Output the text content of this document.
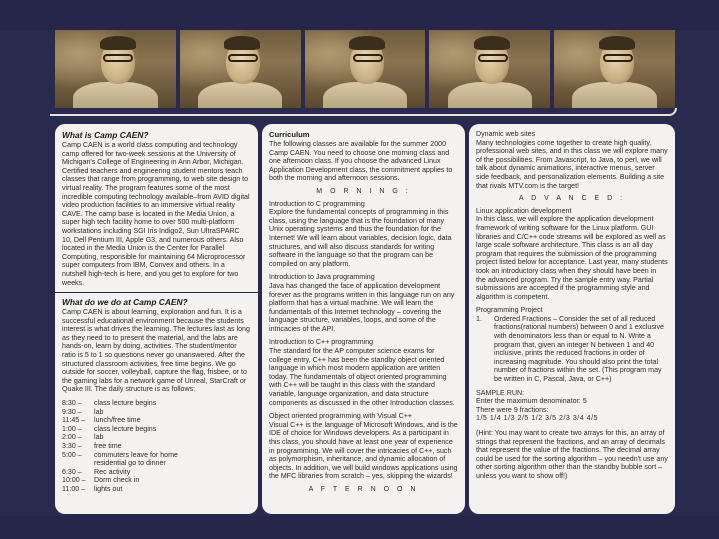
What is Camp CAEN?

Camp CAEN is a world class computing and technology camp offered for two-week sessions at the University of Michigan's College of Engineering in Ann Arbor, Michigan. Certified teachers and engineering student mentors teach classes that range from programming, to web site design to virtual reality. The program features some of the most incredible computing technology available–from AVID digital video production facilities to an immersive virtual reality CAVE. The camp base is located in the Media Union, a super high tech facility home to over 500 multi-platform workstations including SGI Iris Indigo2, Sun UltraSPARC 10, Dell Pentium III, Apple G3, and numerous others. Also located in the Media Union is the Center for Parallel Computing, responsible for maintaining 64 Microprocessor super computers from IBM, Convex and others. In a nutshell high-tech is here, and you get to explore for two weeks.

What do we do at Camp CAEN?

Camp CAEN is about learning, exploration and fun. It is a successful educational environment because the students interest is what drives the learning. The lectures last as long as they need to to present the material, and the labs are hands-on, learn by doing, activities. The student/mentor ratio is 5 to 1 so questions never go unanswered. After the structured classroom activities, free time begins. We go outside for soccer, volleyball, capture the flag, frisbee, or to the gaming labs for a network game of Unreal, StarCraft or Quake III. The daily structure is as follows:

8:30 –	class lecture begins
9:30 –	lab
11:45 –	lunch/free time
1:00 –	class lecture begins
2:00 –	lab
3:30 –	free time
5:00 –	commuters leave for home
residential go to dinner
6:30 –	Rec activity
10:00 –	Dorm check in
11:00 –	lights out
Curriculum

The following classes are available for the summer 2000 Camp CAEN. You need to choose one morning class and one afternoon class. If you choose the advanced Linux Application Development class, the commitment applies to both the morning and afternoon sessions.

M O R N I N G :
Introduction to C programming
Explore the fundamental concepts of programming in this class, using the language that is the foundation of many Unix operating systems and thus the foundation for the Internet! We will learn about variables, decision logic, data structures, and will also discuss standards for writing software in the language so that the program can be compiled on any platform.
Introduction to Java programming
Java has changed the face of application development forever as the programs written in this language run on any platform that has a virtual machine. We will learn the fundamentals of this Internet technology – covering the language structure, variables, loops, and some of the intricacies of the API.
Introduction to C++ programming
The standard for the AP computer science exams for college entry, C++ has been the standby object oriented language in which most modern application are written today. The fundamentals of object oriented programming with C++ will be taught in this class with the standard variable, language organization, and data structure components as discussed in the other Introduction classes.
Object oriented programming with Visual C++
Visual C++ is the language of Microsoft Windows, and is the IDE of choice for Windows developers. As a participant in this class, you should have at least one year of experience in programming. We will cover the intricacies of C++, such as polymorphism, inheritance, and dynamic allocation of objects. In addition, we will build windows applications using the MFC libraries from scratch – yes, skipping the wizards!
A F T E R N O O N
Dynamic web sites
Many technologies come together to create high quality, professional web sites, and in this class we will explore many of the possibilities. From Javascript, to Java, to perl, we will talk about dynamic animations, interactive menus, server side feedback, and personalization elements. Building a site that rivals MTV.com is the target!
A D V A N C E D :
Linux application development
In this class, we will explore the application development framework of writing software for the Linux platform. GUI libraries and C/C++ code streams will be explored as well as large scale software architecture. This class is an all day program that requires the submission of the programming project listed below for acceptance. Last year, many students took an introductory class when they should have been in the advanced program. Try the sample entry way. Partial submissions are accepted if the programming style and algorithm is competent.
Programming Project
1.	Ordered Fractions – Consider the set of all reduced fractions(rational numbers) between 0 and 1 exclusive with denominators less than or equal to N. Write a program that, given an integer N between 1 and 40 inclusive, prints the reduced fractions in order of increasing magnitude. You should also print the total number of fractions within the set. (This program may be written in C, Pascal, Java, or C++)
SAMPLE RUN:
Enter the maximum denominator: 5
There were 9 fractions:
1/5 1/4 1/3 2/5 1/2 3/5 2/3 3/4 4/5
(Hint: You may want to create two arrays for this, an array of strings that represent the fractions, and an array of decimals that represent the value of the fractions. The decimal array could be used for the sorting algorithm – you needn't use any other sorting algorithm other than the standby bubble sort – unless you want to show off!)
